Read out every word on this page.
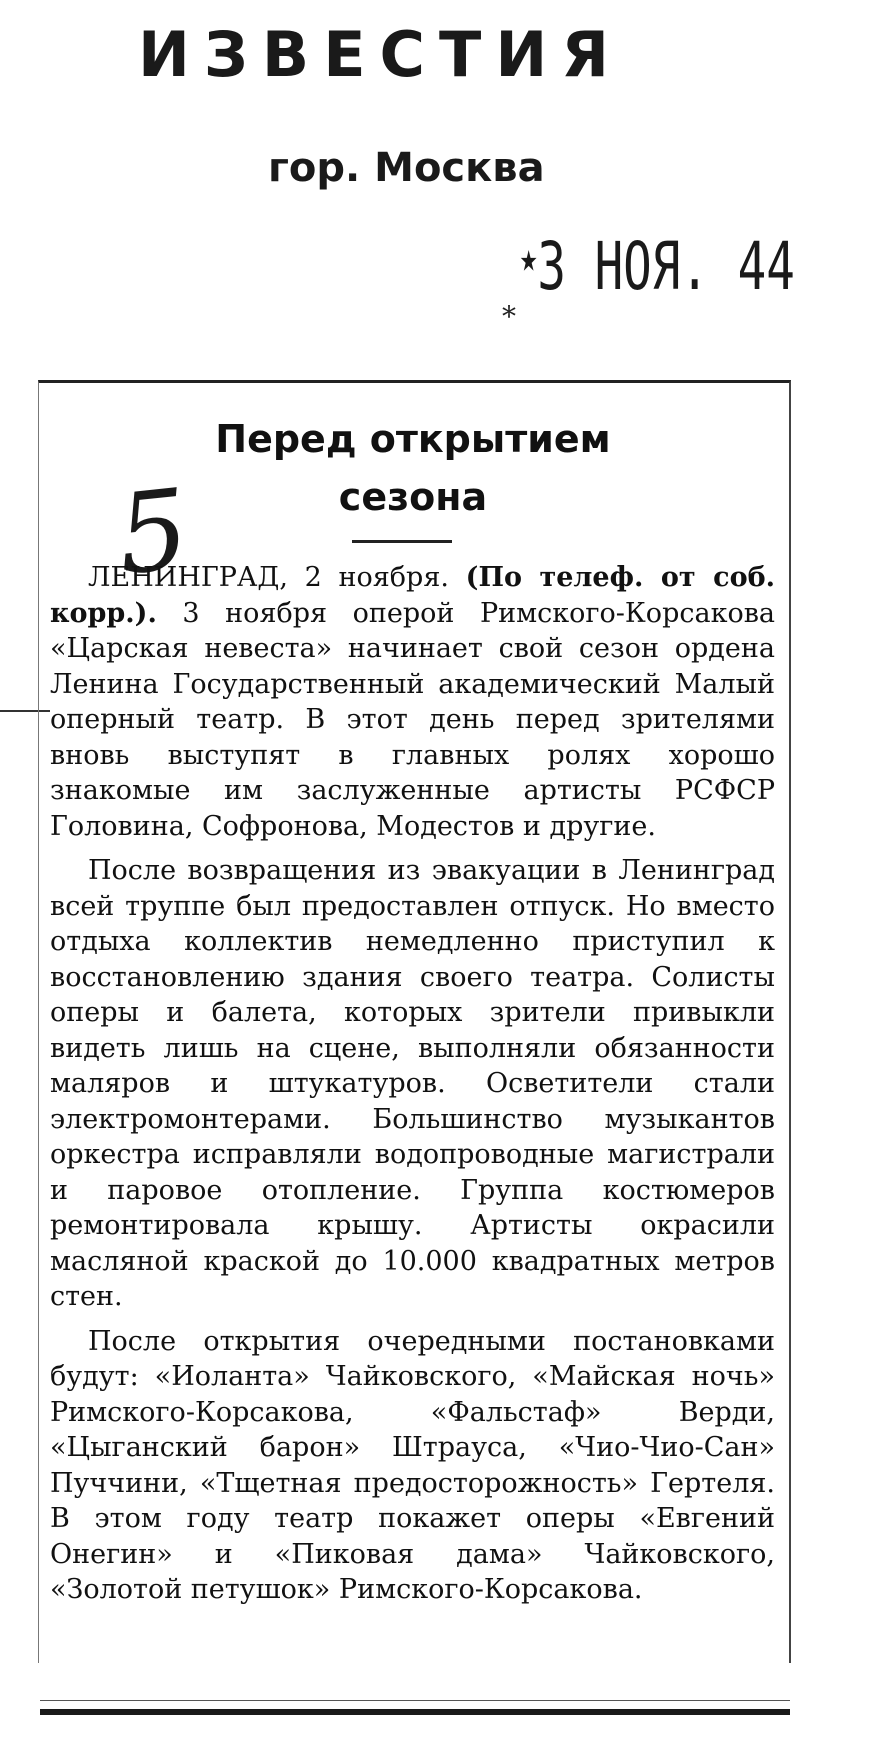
ИЗВЕСТИЯ
гор. Москва
*
★3 НОЯ. 44
Перед открытием
сезона
5

ЛЕНИНГРАД, 2 ноября. (По телеф. от соб. корр.). 3 ноября оперой Римского-Корсакова «Царская невеста» начинает свой сезон ордена Ленина Государственный академический Малый оперный театр. В этот день перед зрителями вновь выступят в главных ролях хорошо знакомые им заслуженные артисты РСФСР Головина, Софронова, Модестов и другие.

После возвращения из эвакуации в Ленинград всей труппе был предоставлен отпуск. Но вместо отдыха коллектив немедленно приступил к восстановлению здания своего театра. Солисты оперы и балета, которых зрители привыкли видеть лишь на сцене, выполняли обязанности маляров и штукатуров. Осветители стали электромонтерами. Большинство музыкантов оркестра исправляли водопроводные магистрали и паровое отопление. Группа костюмеров ремонтировала крышу. Артисты окрасили масляной краской до 10.000 квадратных метров стен.

После открытия очередными постановками будут: «Иоланта» Чайковского, «Майская ночь» Римского-Корсакова, «Фальстаф» Верди, «Цыганский барон» Штрауса, «Чио-Чио-Сан» Пуччини, «Тщетная предосторожность» Гертеля. В этом году театр покажет оперы «Евгений Онегин» и «Пиковая дама» Чайковского, «Золотой петушок» Римского-Корсакова.
